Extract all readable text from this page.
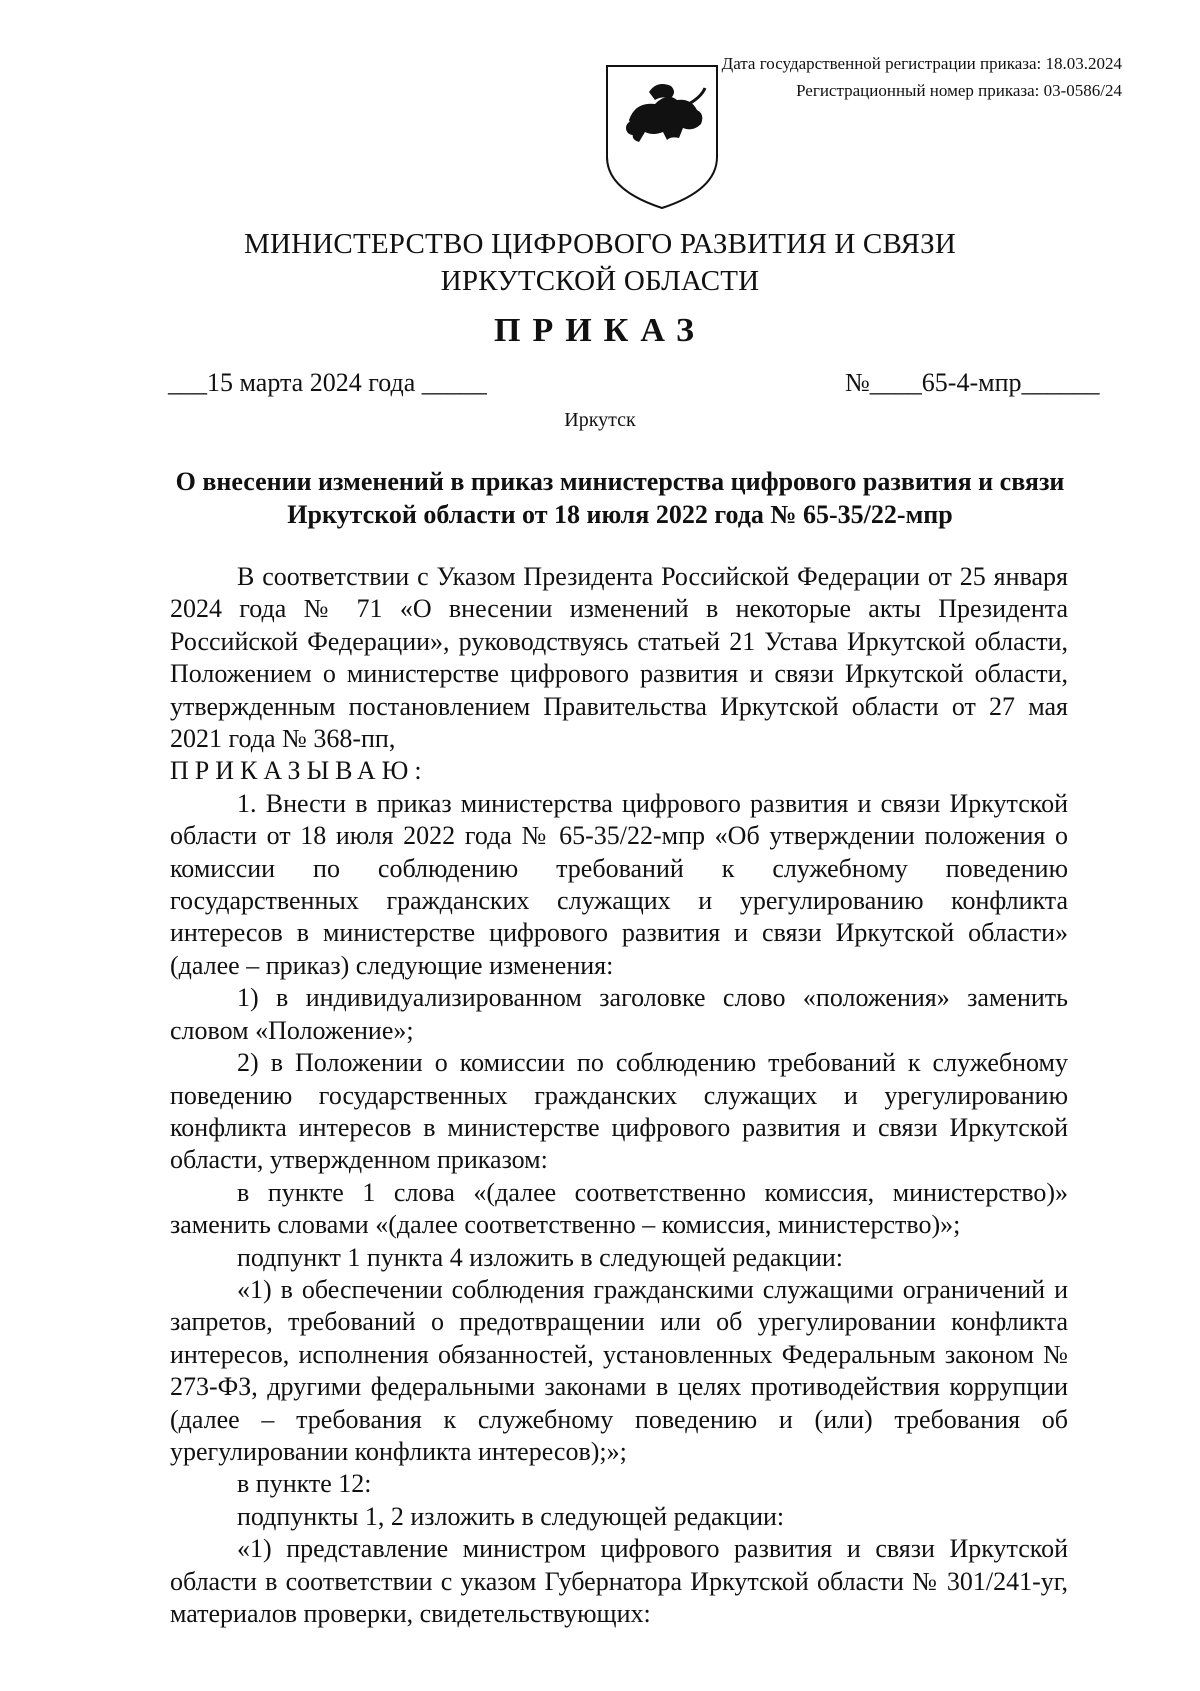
Дата государственной регистрации приказа: 18.03.2024
Регистрационный номер приказа: 03-0586/24
МИНИСТЕРСТВО ЦИФРОВОГО РАЗВИТИЯ И СВЯЗИ
ИРКУТСКОЙ ОБЛАСТИ
ПРИКАЗ
___15 марта 2024 года _____	№____65-4-мпр______
Иркутск
О внесении изменений в приказ министерства цифрового развития и связи
Иркутской области от 18 июля 2022 года № 65-35/22-мпр

В соответствии с Указом Президента Российской Федерации от 25 января 2024 года № 71 «О внесении изменений в некоторые акты Президента Российской Федерации», руководствуясь статьей 21 Устава Иркутской области, Положением о министерстве цифрового развития и связи Иркутской области, утвержденным постановлением Правительства Иркутской области от 27 мая 2021 года № 368-пп,

ПРИКАЗЫВАЮ:

1. Внести в приказ министерства цифрового развития и связи Иркутской области от 18 июля 2022 года № 65-35/22-мпр «Об утверждении положения о комиссии по соблюдению требований к служебному поведению государственных гражданских служащих и урегулированию конфликта интересов в министерстве цифрового развития и связи Иркутской области» (далее – приказ) следующие изменения:

1) в индивидуализированном заголовке слово «положения» заменить словом «Положение»;

2) в Положении о комиссии по соблюдению требований к служебному поведению государственных гражданских служащих и урегулированию конфликта интересов в министерстве цифрового развития и связи Иркутской области, утвержденном приказом:

в пункте 1 слова «(далее соответственно комиссия, министерство)» заменить словами «(далее соответственно – комиссия, министерство)»;

подпункт 1 пункта 4 изложить в следующей редакции:

«1) в обеспечении соблюдения гражданскими служащими ограничений и запретов, требований о предотвращении или об урегулировании конфликта интересов, исполнения обязанностей, установленных Федеральным законом № 273-ФЗ, другими федеральными законами в целях противодействия коррупции (далее – требования к служебному поведению и (или) требования об урегулировании конфликта интересов);»;

в пункте 12:

подпункты 1, 2 изложить в следующей редакции:

«1) представление министром цифрового развития и связи Иркутской области в соответствии с указом Губернатора Иркутской области № 301/241-уг, материалов проверки, свидетельствующих:
